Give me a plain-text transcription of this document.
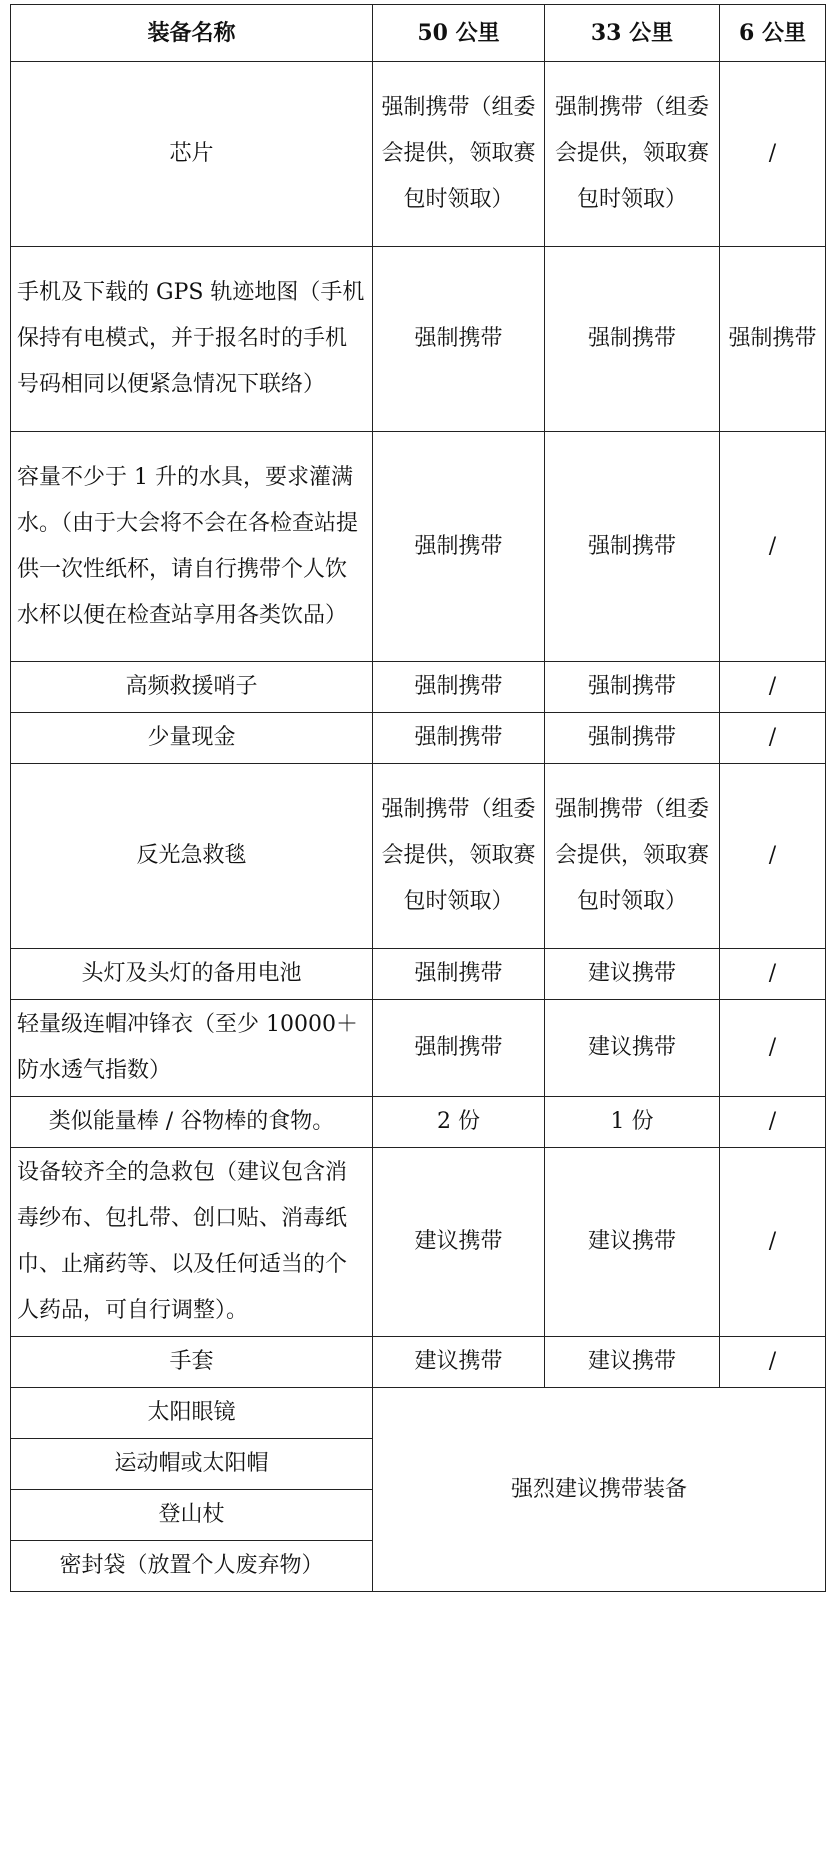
装备名称	50 公里	33 公里	6 公里
芯片	强制携带（组委会提供，领取赛包时领取）	强制携带（组委会提供，领取赛包时领取）	/
手机及下载的 GPS 轨迹地图（手机保持有电模式，并于报名时的手机号码相同以便紧急情况下联络）	强制携带	强制携带	强制携带
容量不少于 1 升的水具，要求灌满水。（由于大会将不会在各检查站提供一次性纸杯，请自行携带个人饮水杯以便在检查站享用各类饮品）	强制携带	强制携带	/
高频救援哨子	强制携带	强制携带	/
少量现金	强制携带	强制携带	/
反光急救毯	强制携带（组委会提供，领取赛包时领取）	强制携带（组委会提供，领取赛包时领取）	/
头灯及头灯的备用电池	强制携带	建议携带	/
轻量级连帽冲锋衣（至少 10000＋防水透气指数）	强制携带	建议携带	/
类似能量棒 / 谷物棒的食物。	2 份	1 份	/
设备较齐全的急救包（建议包含消毒纱布、包扎带、创口贴、消毒纸巾、止痛药等、以及任何适当的个人药品，可自行调整）。	建议携带	建议携带	/
手套	建议携带	建议携带	/
太阳眼镜	强烈建议携带装备		
运动帽或太阳帽			
登山杖			
密封袋（放置个人废弃物）			
